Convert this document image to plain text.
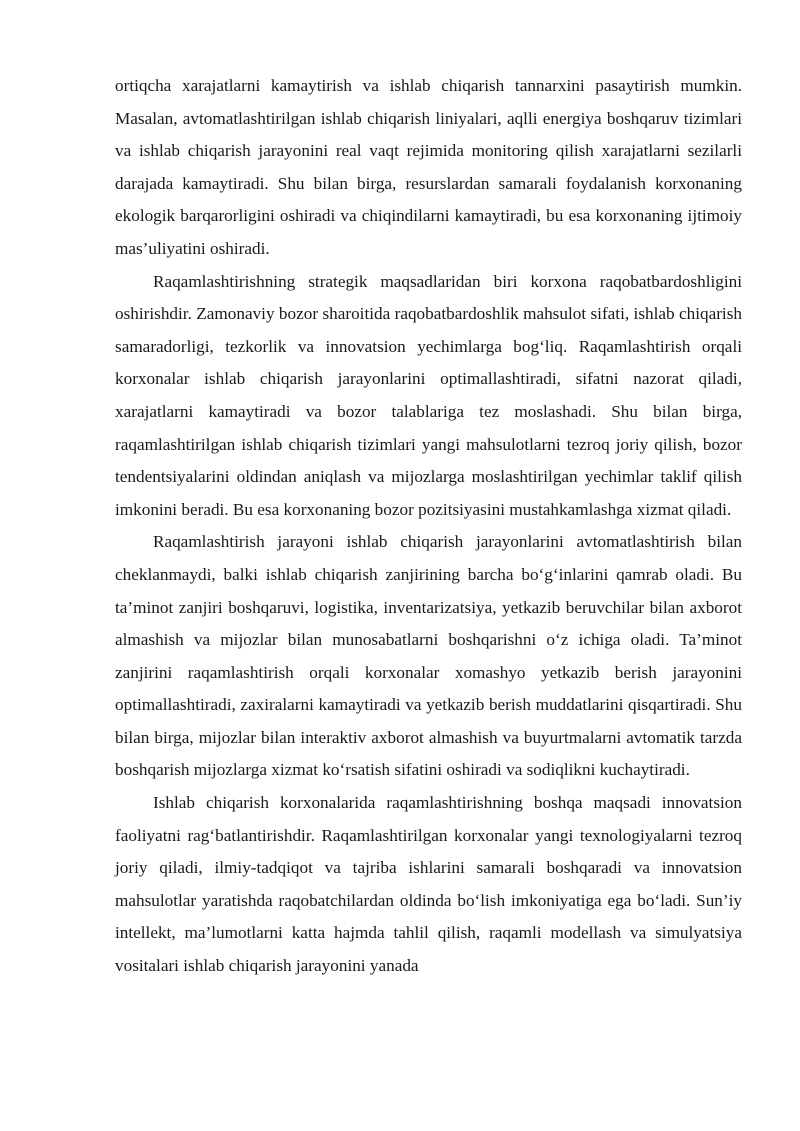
ortiqcha xarajatlarni kamaytirish va ishlab chiqarish tannarxini pasaytirish mumkin. Masalan, avtomatlashtirilgan ishlab chiqarish liniyalari, aqlli energiya boshqaruv tizimlari va ishlab chiqarish jarayonini real vaqt rejimida monitoring qilish xarajatlarni sezilarli darajada kamaytiradi. Shu bilan birga, resurslardan samarali foydalanish korxonaning ekologik barqarorligini oshiradi va chiqindilarni kamaytiradi, bu esa korxonaning ijtimoiy mas’uliyatini oshiradi.

Raqamlashtirishning strategik maqsadlaridan biri korxona raqobatbardoshligini oshirishdir. Zamonaviy bozor sharoitida raqobatbardoshlik mahsulot sifati, ishlab chiqarish samaradorligi, tezkorlik va innovatsion yechimlarga bog‘liq. Raqamlashtirish orqali korxonalar ishlab chiqarish jarayonlarini optimallashtiradi, sifatni nazorat qiladi, xarajatlarni kamaytiradi va bozor talablariga tez moslashadi. Shu bilan birga, raqamlashtirilgan ishlab chiqarish tizimlari yangi mahsulotlarni tezroq joriy qilish, bozor tendentsiyalarini oldindan aniqlash va mijozlarga moslashtirilgan yechimlar taklif qilish imkonini beradi. Bu esa korxonaning bozor pozitsiyasini mustahkamlashga xizmat qiladi.

Raqamlashtirish jarayoni ishlab chiqarish jarayonlarini avtomatlashtirish bilan cheklanmaydi, balki ishlab chiqarish zanjirining barcha bo‘g‘inlarini qamrab oladi. Bu ta’minot zanjiri boshqaruvi, logistika, inventarizatsiya, yetkazib beruvchilar bilan axborot almashish va mijozlar bilan munosabatlarni boshqarishni o‘z ichiga oladi. Ta’minot zanjirini raqamlashtirish orqali korxonalar xomashyo yetkazib berish jarayonini optimallashtiradi, zaxiralarni kamaytiradi va yetkazib berish muddatlarini qisqartiradi. Shu bilan birga, mijozlar bilan interaktiv axborot almashish va buyurtmalarni avtomatik tarzda boshqarish mijozlarga xizmat ko‘rsatish sifatini oshiradi va sodiqlikni kuchaytiradi.

Ishlab chiqarish korxonalarida raqamlashtirishning boshqa maqsadi innovatsion faoliyatni rag‘batlantirishdir. Raqamlashtirilgan korxonalar yangi texnologiyalarni tezroq joriy qiladi, ilmiy-tadqiqot va tajriba ishlarini samarali boshqaradi va innovatsion mahsulotlar yaratishda raqobatchilardan oldinda bo‘lish imkoniyatiga ega bo‘ladi. Sun’iy intellekt, ma’lumotlarni katta hajmda tahlil qilish, raqamli modellash va simulyatsiya vositalari ishlab chiqarish jarayonini yanada
